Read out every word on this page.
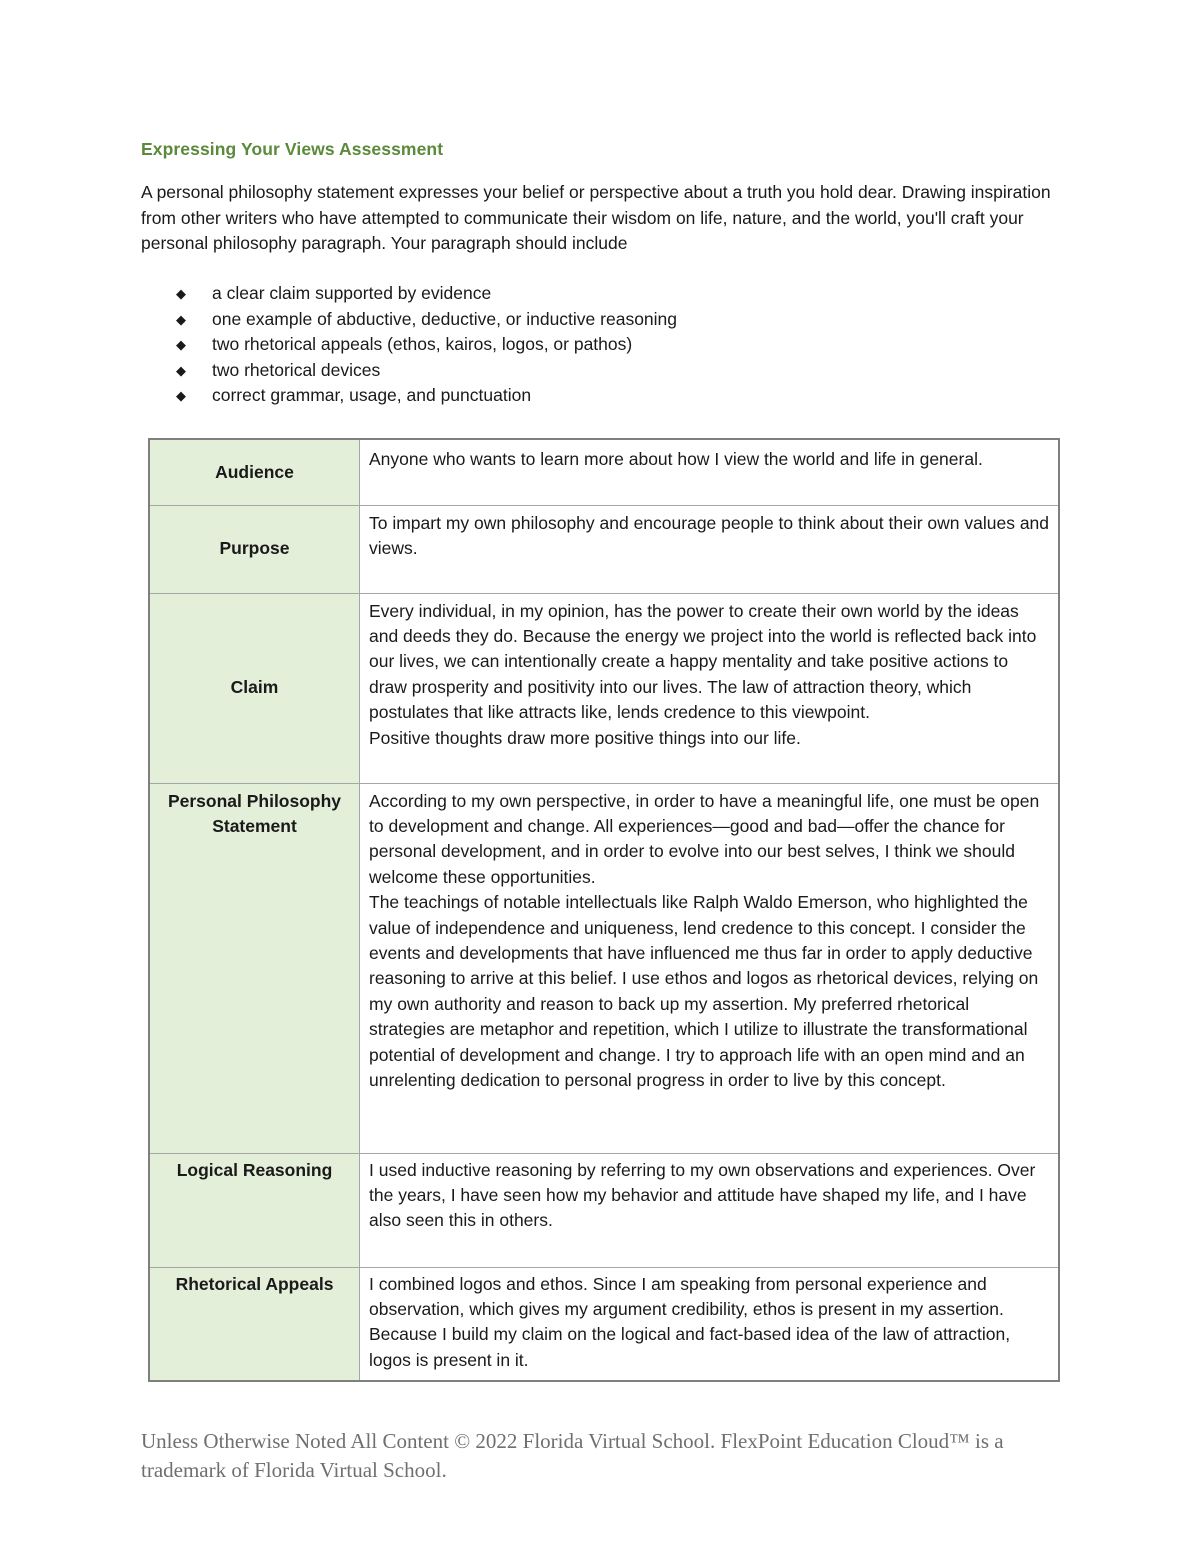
Expressing Your Views Assessment

A personal philosophy statement expresses your belief or perspective about a truth you hold dear. Drawing inspiration from other writers who have attempted to communicate their wisdom on life, nature, and the world, you'll craft your personal philosophy paragraph. Your paragraph should include

◆ a clear claim supported by evidence
◆ one example of abductive, deductive, or inductive reasoning
◆ two rhetorical appeals (ethos, kairos, logos, or pathos)
◆ two rhetorical devices
◆ correct grammar, usage, and punctuation
Audience	Anyone who wants to learn more about how I view the world and life in general.

Purpose	To impart my own philosophy and encourage people to think about their own values and views.

Claim	Every individual, in my opinion, has the power to create their own world by the ideas and deeds they do. Because the energy we project into the world is reflected back into our lives, we can intentionally create a happy mentality and take positive actions to draw prosperity and positivity into our lives. The law of attraction theory, which postulates that like attracts like, lends credence to this viewpoint.
Positive thoughts draw more positive things into our life.

Personal Philosophy Statement	According to my own perspective, in order to have a meaningful life, one must be open to development and change. All experiences—good and bad—offer the chance for personal development, and in order to evolve into our best selves, I think we should welcome these opportunities.
The teachings of notable intellectuals like Ralph Waldo Emerson, who highlighted the value of independence and uniqueness, lend credence to this concept. I consider the events and developments that have influenced me thus far in order to apply deductive reasoning to arrive at this belief. I use ethos and logos as rhetorical devices, relying on my own authority and reason to back up my assertion. My preferred rhetorical strategies are metaphor and repetition, which I utilize to illustrate the transformational potential of development and change. I try to approach life with an open mind and an unrelenting dedication to personal progress in order to live by this concept.

Logical Reasoning	I used inductive reasoning by referring to my own observations and experiences. Over the years, I have seen how my behavior and attitude have shaped my life, and I have also seen this in others.

Rhetorical Appeals	I combined logos and ethos. Since I am speaking from personal experience and observation, which gives my argument credibility, ethos is present in my assertion. Because I build my claim on the logical and fact-based idea of the law of attraction, logos is present in it.
Unless Otherwise Noted All Content © 2022 Florida Virtual School. FlexPoint Education Cloud™ is a trademark of Florida Virtual School.
